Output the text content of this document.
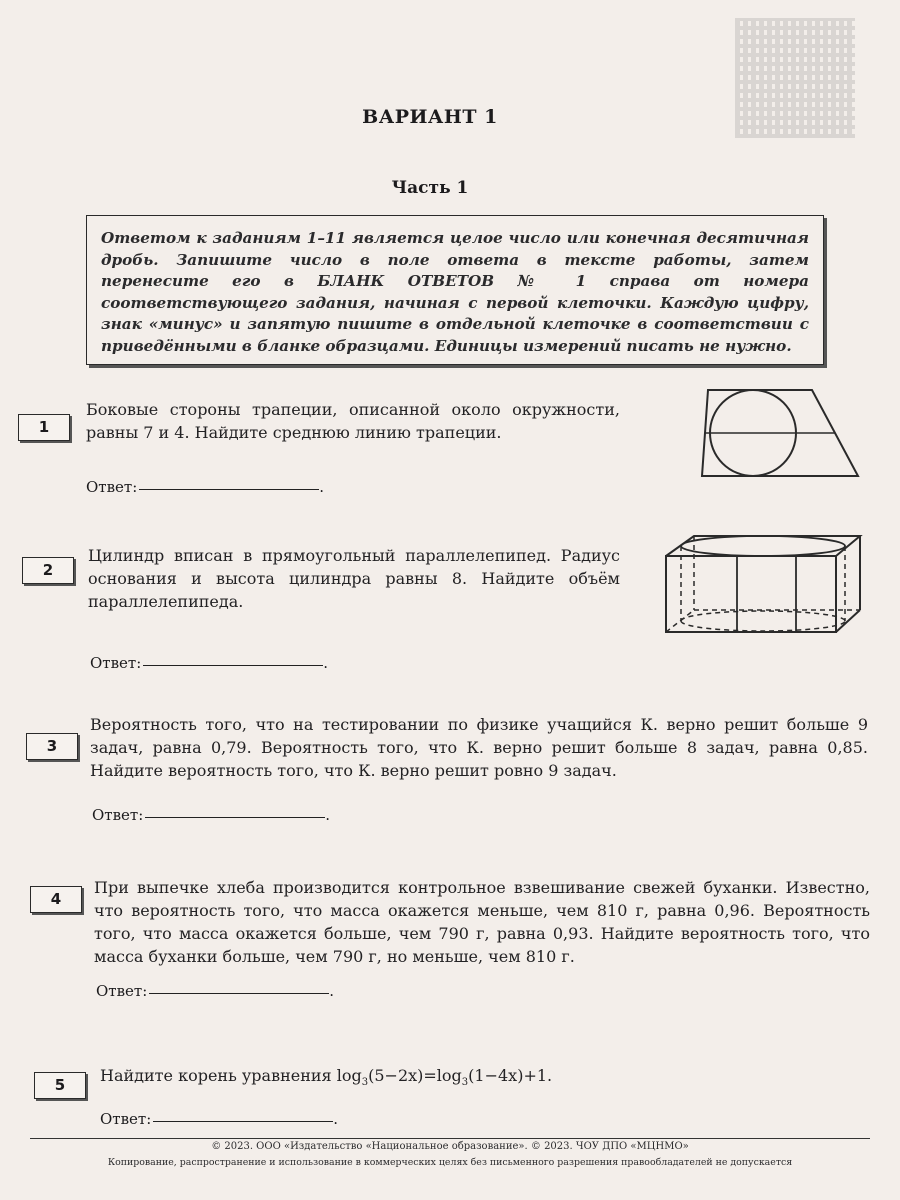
ВАРИАНТ 1
Часть 1
Ответом к заданиям 1–11 является целое число или конечная десятичная дробь. Запишите число в поле ответа в тексте работы, затем перенесите его в БЛАНК ОТВЕТОВ № 1 справа от номера соответствующего задания, начиная с первой клеточки. Каждую цифру, знак «минус» и запятую пишите в отдельной клеточке в соответствии с приведёнными в бланке образцами. Единицы измерений писать не нужно.
1
Боковые стороны трапеции, описанной около окружности, равны 7 и 4. Найдите среднюю линию трапеции.
Ответ:	.
2
Цилиндр вписан в прямоугольный параллелепипед. Радиус основания и высота цилиндра равны 8. Найдите объём параллелепипеда.
Ответ:	.
3
Вероятность того, что на тестировании по физике учащийся К. верно решит больше 9 задач, равна 0,79. Вероятность того, что К. верно решит больше 8 задач, равна 0,85. Найдите вероятность того, что К. верно решит ровно 9 задач.
Ответ:	.
4
При выпечке хлеба производится контрольное взвешивание свежей буханки. Известно, что вероятность того, что масса окажется меньше, чем 810 г, равна 0,96. Вероятность того, что масса окажется больше, чем 790 г, равна 0,93. Найдите вероятность того, что масса буханки больше, чем 790 г, но меньше, чем 810 г.
Ответ:	.
5	Найдите корень уравнения $\log_3(5-2x)=\log_3(1-4x)+1$.
Ответ:	.
© 2023. ООО «Издательство «Национальное образование». © 2023. ЧОУ ДПО «МЦНМО»
Копирование, распространение и использование в коммерческих целях без письменного разрешения правообладателей не допускается
